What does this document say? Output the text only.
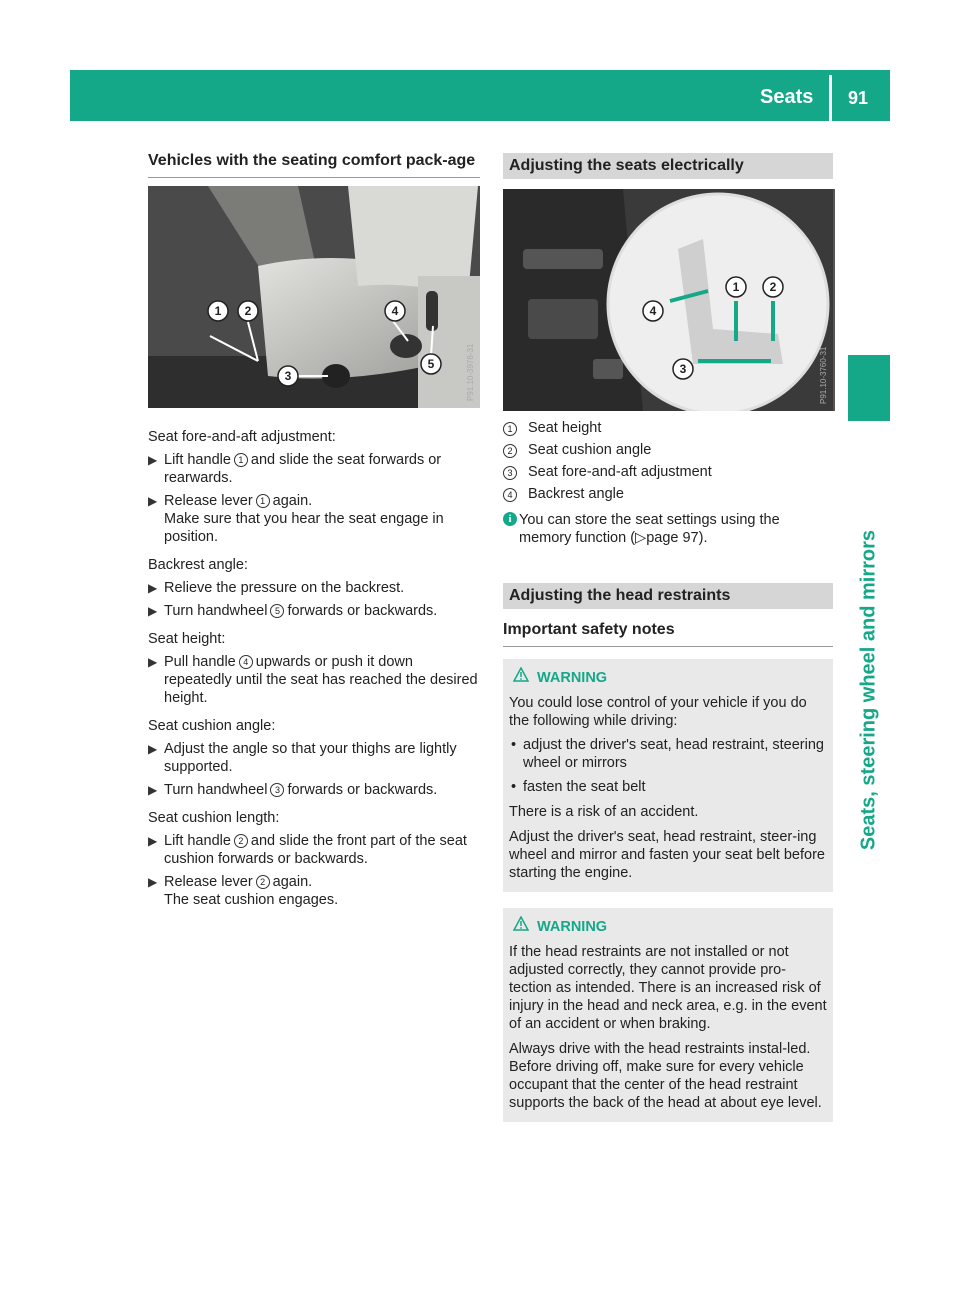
Seats 91
Seats, steering wheel and mirrors
Vehicles with the seating comfort pack-age
1 2
3
4
5	P91.10-3978-31

Seat fore-and-aft adjustment:

▶ Lift handle 1 and slide the seat forwards or rearwards.
▶ Release lever 1 again.
Make sure that you hear the seat engage in position.

Backrest angle:

▶ Relieve the pressure on the backrest.
▶ Turn handwheel 5 forwards or backwards.

Seat height:

▶ Pull handle 4 upwards or push it down repeatedly until the seat has reached the desired height.

Seat cushion angle:

▶ Adjust the angle so that your thighs are lightly supported.
▶ Turn handwheel 3 forwards or backwards.

Seat cushion length:

▶ Lift handle 2 and slide the front part of the seat cushion forwards or backwards.
▶ Release lever 2 again.
The seat cushion engages.
Adjusting the seats electrically
1	2
3
4
P91.10-3760-31
1	Seat height
2	Seat cushion angle
3	Seat fore-and-aft adjustment
4	Backrest angle
i You can store the seat settings using the memory function (▷page 97).
Adjusting the head restraints
Important safety notes
WARNING

You could lose control of your vehicle if you do the following while driving:

• adjust the driver's seat, head restraint, steering wheel or mirrors
• fasten the seat belt

There is a risk of an accident.

Adjust the driver's seat, head restraint, steer-ing wheel and mirror and fasten your seat belt before starting the engine.

WARNING

If the head restraints are not installed or not adjusted correctly, they cannot provide pro-tection as intended. There is an increased risk of injury in the head and neck area, e.g. in the event of an accident or when braking.

Always drive with the head restraints instal-led. Before driving off, make sure for every vehicle occupant that the center of the head restraint supports the back of the head at about eye level.
